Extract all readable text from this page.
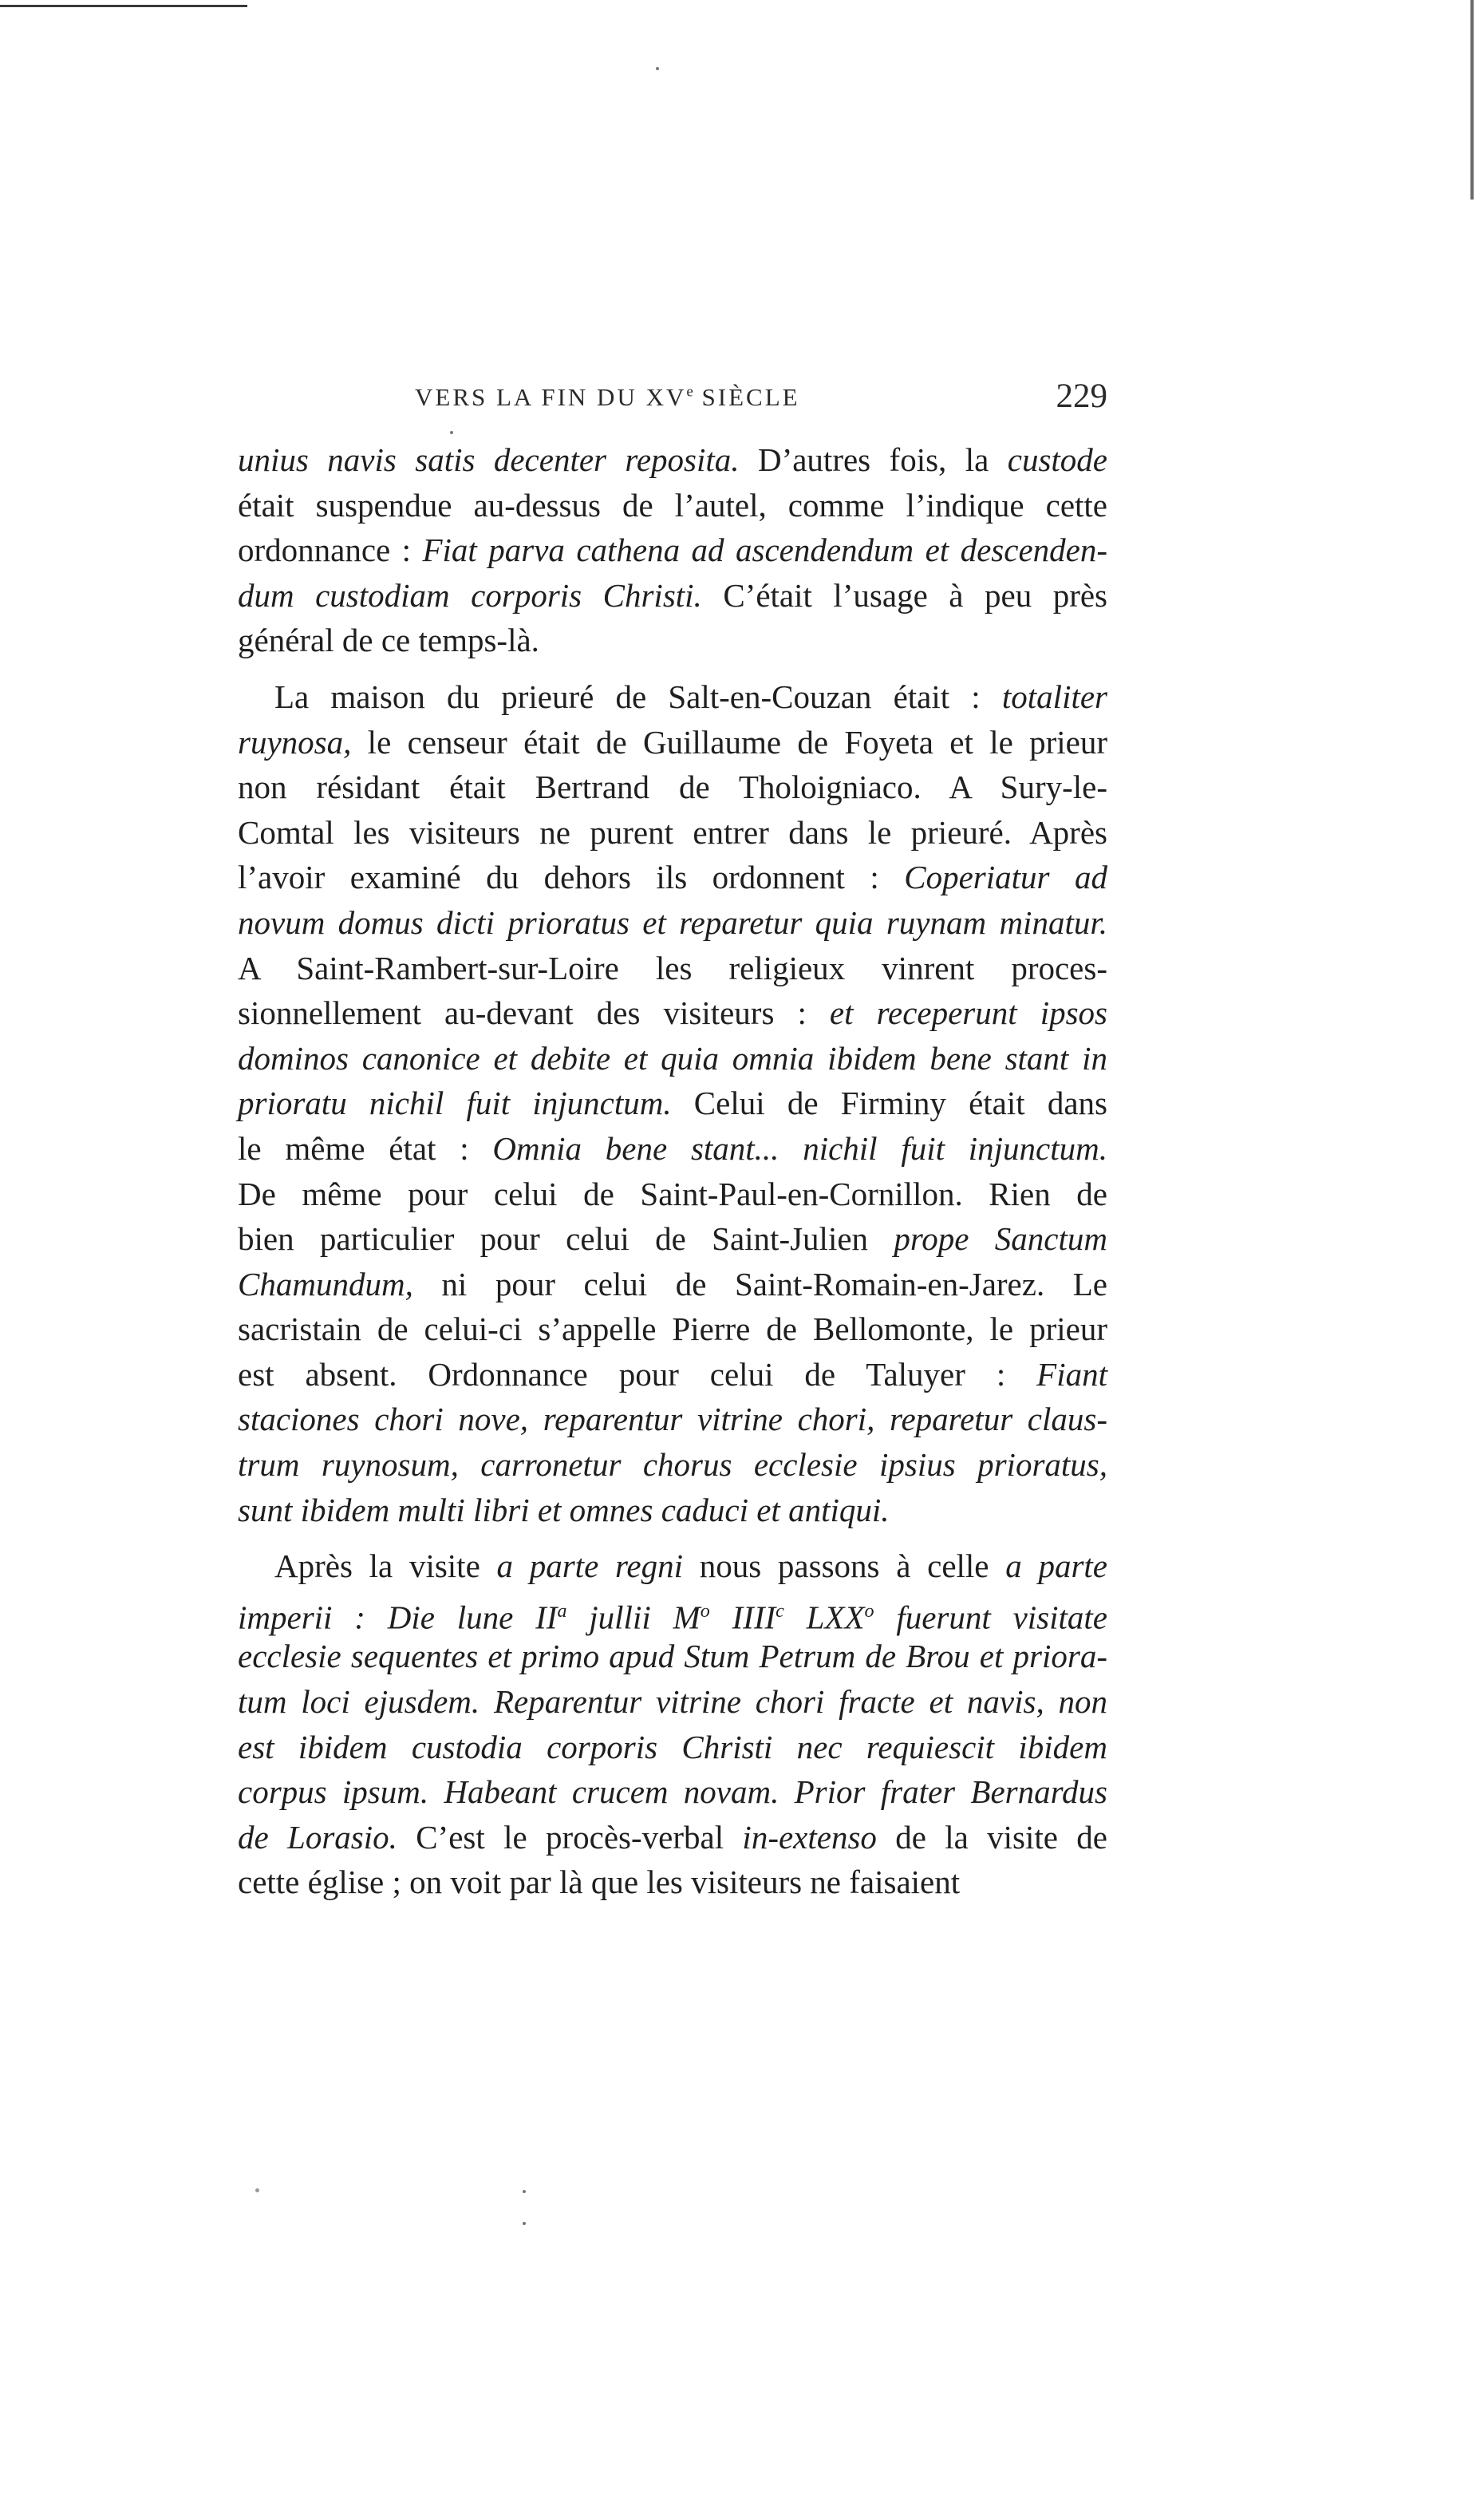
VERS LA FIN DU XVe SIÈCLE	229
unius navis satis decenter reposita. D’autres fois, la custode
était suspendue au-dessus de l’autel, comme l’indique cette
ordonnance : Fiat parva cathena ad ascendendum et descenden-
dum custodiam corporis Christi. C’était l’usage à peu près
général de ce temps-là.
La maison du prieuré de Salt-en-Couzan était : totaliter
ruynosa, le censeur était de Guillaume de Foyeta et le prieur
non résidant était Bertrand de Tholoigniaco. A Sury-le-
Comtal les visiteurs ne purent entrer dans le prieuré. Après
l’avoir examiné du dehors ils ordonnent : Coperiatur ad
novum domus dicti prioratus et reparetur quia ruynam minatur.
A Saint-Rambert-sur-Loire les religieux vinrent proces-
sionnellement au-devant des visiteurs : et receperunt ipsos
dominos canonice et debite et quia omnia ibidem bene stant in
prioratu nichil fuit injunctum. Celui de Firminy était dans
le même état : Omnia bene stant... nichil fuit injunctum.
De même pour celui de Saint-Paul-en-Cornillon. Rien de
bien particulier pour celui de Saint-Julien prope Sanctum
Chamundum, ni pour celui de Saint-Romain-en-Jarez. Le
sacristain de celui-ci s’appelle Pierre de Bellomonte, le prieur
est absent. Ordonnance pour celui de Taluyer : Fiant
staciones chori nove, reparentur vitrine chori, reparetur claus-
trum ruynosum, carronetur chorus ecclesie ipsius prioratus,
sunt ibidem multi libri et omnes caduci et antiqui.
Après la visite a parte regni nous passons à celle a parte
imperii : Die lune $II^a$ jullii $M^o$ IIII$^c$ LXX$^o$ fuerunt visitate
ecclesie sequentes et primo apud Stum Petrum de Brou et priora-
tum loci ejusdem. Reparentur vitrine chori fracte et navis, non
est ibidem custodia corporis Christi nec requiescit ibidem
corpus ipsum. Habeant crucem novam. Prior frater Bernardus
de Lorasio. C’est le procès-verbal in-extenso de la visite de
cette église ; on voit par là que les visiteurs ne faisaient
